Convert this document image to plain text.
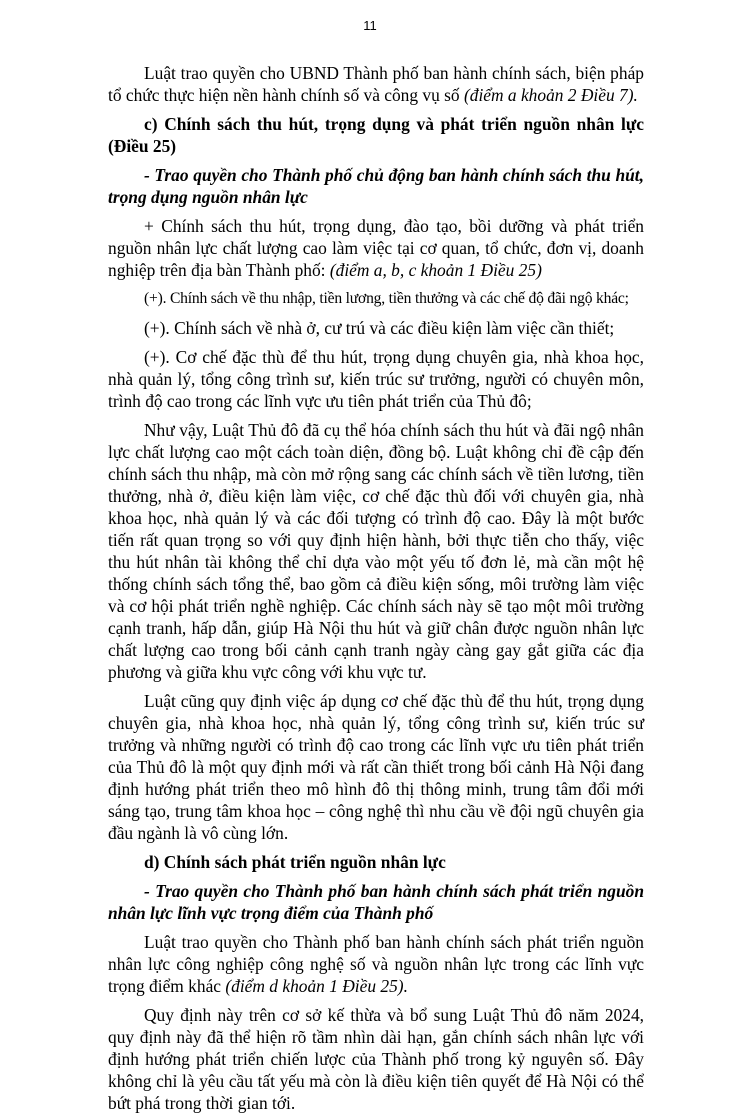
11

Luật trao quyền cho UBND Thành phố ban hành chính sách, biện pháp tổ chức thực hiện nền hành chính số và công vụ số (điểm a khoản 2 Điều 7).

c) Chính sách thu hút, trọng dụng và phát triển nguồn nhân lực (Điều 25)

- Trao quyền cho Thành phố chủ động ban hành chính sách thu hút, trọng dụng nguồn nhân lực

+ Chính sách thu hút, trọng dụng, đào tạo, bồi dưỡng và phát triển nguồn nhân lực chất lượng cao làm việc tại cơ quan, tổ chức, đơn vị, doanh nghiệp trên địa bàn Thành phố: (điểm a, b, c khoản 1 Điều 25)

(+). Chính sách về thu nhập, tiền lương, tiền thưởng và các chế độ đãi ngộ khác;

(+). Chính sách về nhà ở, cư trú và các điều kiện làm việc cần thiết;

(+). Cơ chế đặc thù để thu hút, trọng dụng chuyên gia, nhà khoa học, nhà quản lý, tổng công trình sư, kiến trúc sư trưởng, người có chuyên môn, trình độ cao trong các lĩnh vực ưu tiên phát triển của Thủ đô;

Như vậy, Luật Thủ đô đã cụ thể hóa chính sách thu hút và đãi ngộ nhân lực chất lượng cao một cách toàn diện, đồng bộ. Luật không chỉ đề cập đến chính sách thu nhập, mà còn mở rộng sang các chính sách về tiền lương, tiền thưởng, nhà ở, điều kiện làm việc, cơ chế đặc thù đối với chuyên gia, nhà khoa học, nhà quản lý và các đối tượng có trình độ cao. Đây là một bước tiến rất quan trọng so với quy định hiện hành, bởi thực tiễn cho thấy, việc thu hút nhân tài không thể chỉ dựa vào một yếu tố đơn lẻ, mà cần một hệ thống chính sách tổng thể, bao gồm cả điều kiện sống, môi trường làm việc và cơ hội phát triển nghề nghiệp. Các chính sách này sẽ tạo một môi trường cạnh tranh, hấp dẫn, giúp Hà Nội thu hút và giữ chân được nguồn nhân lực chất lượng cao trong bối cảnh cạnh tranh ngày càng gay gắt giữa các địa phương và giữa khu vực công với khu vực tư.

Luật cũng quy định việc áp dụng cơ chế đặc thù để thu hút, trọng dụng chuyên gia, nhà khoa học, nhà quản lý, tổng công trình sư, kiến trúc sư trưởng và những người có trình độ cao trong các lĩnh vực ưu tiên phát triển của Thủ đô là một quy định mới và rất cần thiết trong bối cảnh Hà Nội đang định hướng phát triển theo mô hình đô thị thông minh, trung tâm đổi mới sáng tạo, trung tâm khoa học – công nghệ thì nhu cầu về đội ngũ chuyên gia đầu ngành là vô cùng lớn.

d) Chính sách phát triển nguồn nhân lực

- Trao quyền cho Thành phố ban hành chính sách phát triển nguồn nhân lực lĩnh vực trọng điểm của Thành phố

Luật trao quyền cho Thành phố ban hành chính sách phát triển nguồn nhân lực công nghiệp công nghệ số và nguồn nhân lực trong các lĩnh vực trọng điểm khác (điểm d khoản 1 Điều 25).

Quy định này trên cơ sở kế thừa và bổ sung Luật Thủ đô năm 2024, quy định này đã thể hiện rõ tầm nhìn dài hạn, gắn chính sách nhân lực với định hướng phát triển chiến lược của Thành phố trong kỷ nguyên số. Đây không chỉ là yêu cầu tất yếu mà còn là điều kiện tiên quyết để Hà Nội có thể bứt phá trong thời gian tới.
